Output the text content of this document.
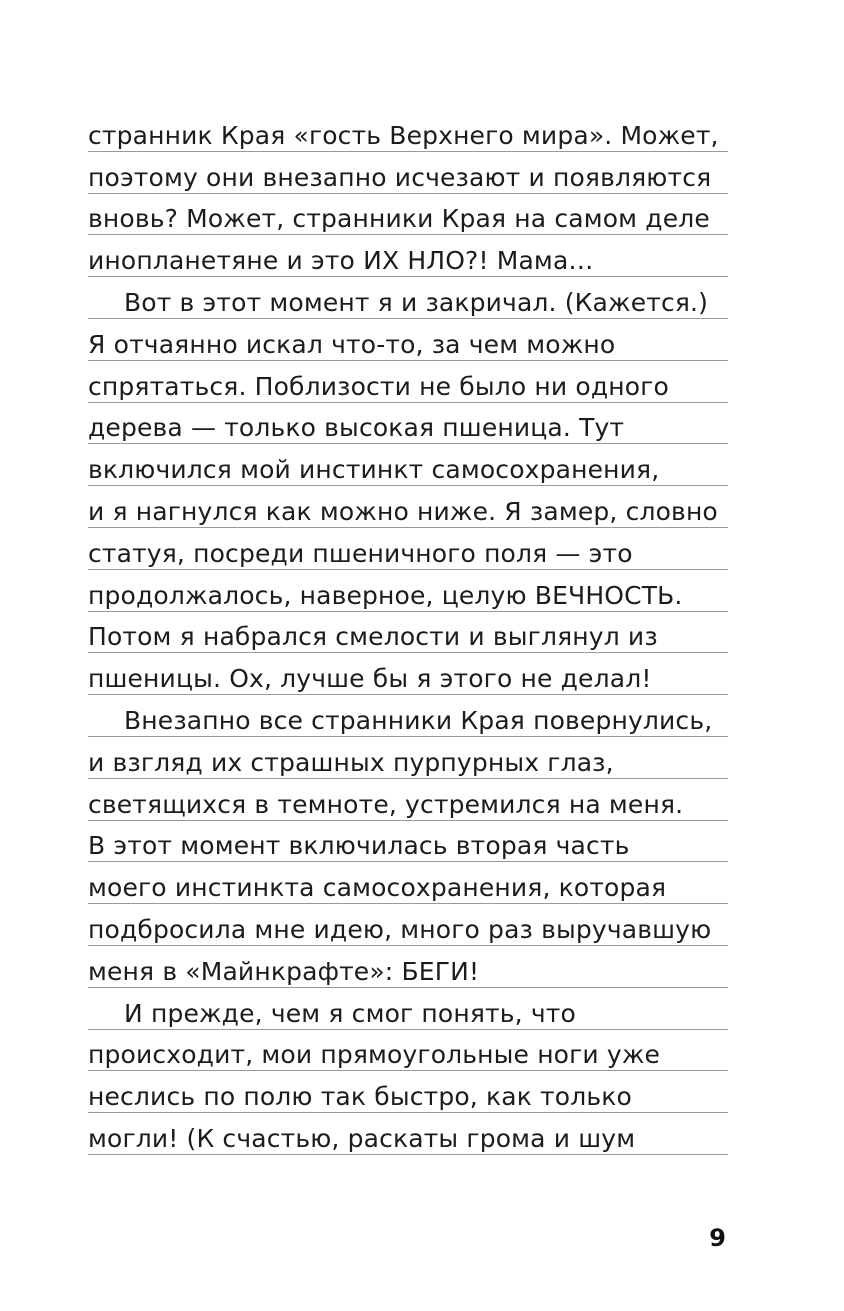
странник Края «гость Верхнего мира». Может,
поэтому они внезапно исчезают и появляются
вновь? Может, странники Края на самом деле
инопланетяне и это ИХ НЛО?! Мама…
Вот в этот момент я и закричал. (Кажется.)
Я отчаянно искал что-то, за чем можно
спрятаться. Поблизости не было ни одного
дерева — только высокая пшеница. Тут
включился мой инстинкт самосохранения,
и я нагнулся как можно ниже. Я замер, словно
статуя, посреди пшеничного поля — это
продолжалось, наверное, целую ВЕЧНОСТЬ.
Потом я набрался смелости и выглянул из
пшеницы. Ох, лучше бы я этого не делал!
Внезапно все странники Края повернулись,
и взгляд их страшных пурпурных глаз,
светящихся в темноте, устремился на меня.
В этот момент включилась вторая часть
моего инстинкта самосохранения, которая
подбросила мне идею, много раз выручавшую
меня в «Майнкрафте»: БЕГИ!
И прежде, чем я смог понять, что
происходит, мои прямоугольные ноги уже
неслись по полю так быстро, как только
могли! (К счастью, раскаты грома и шум
9
